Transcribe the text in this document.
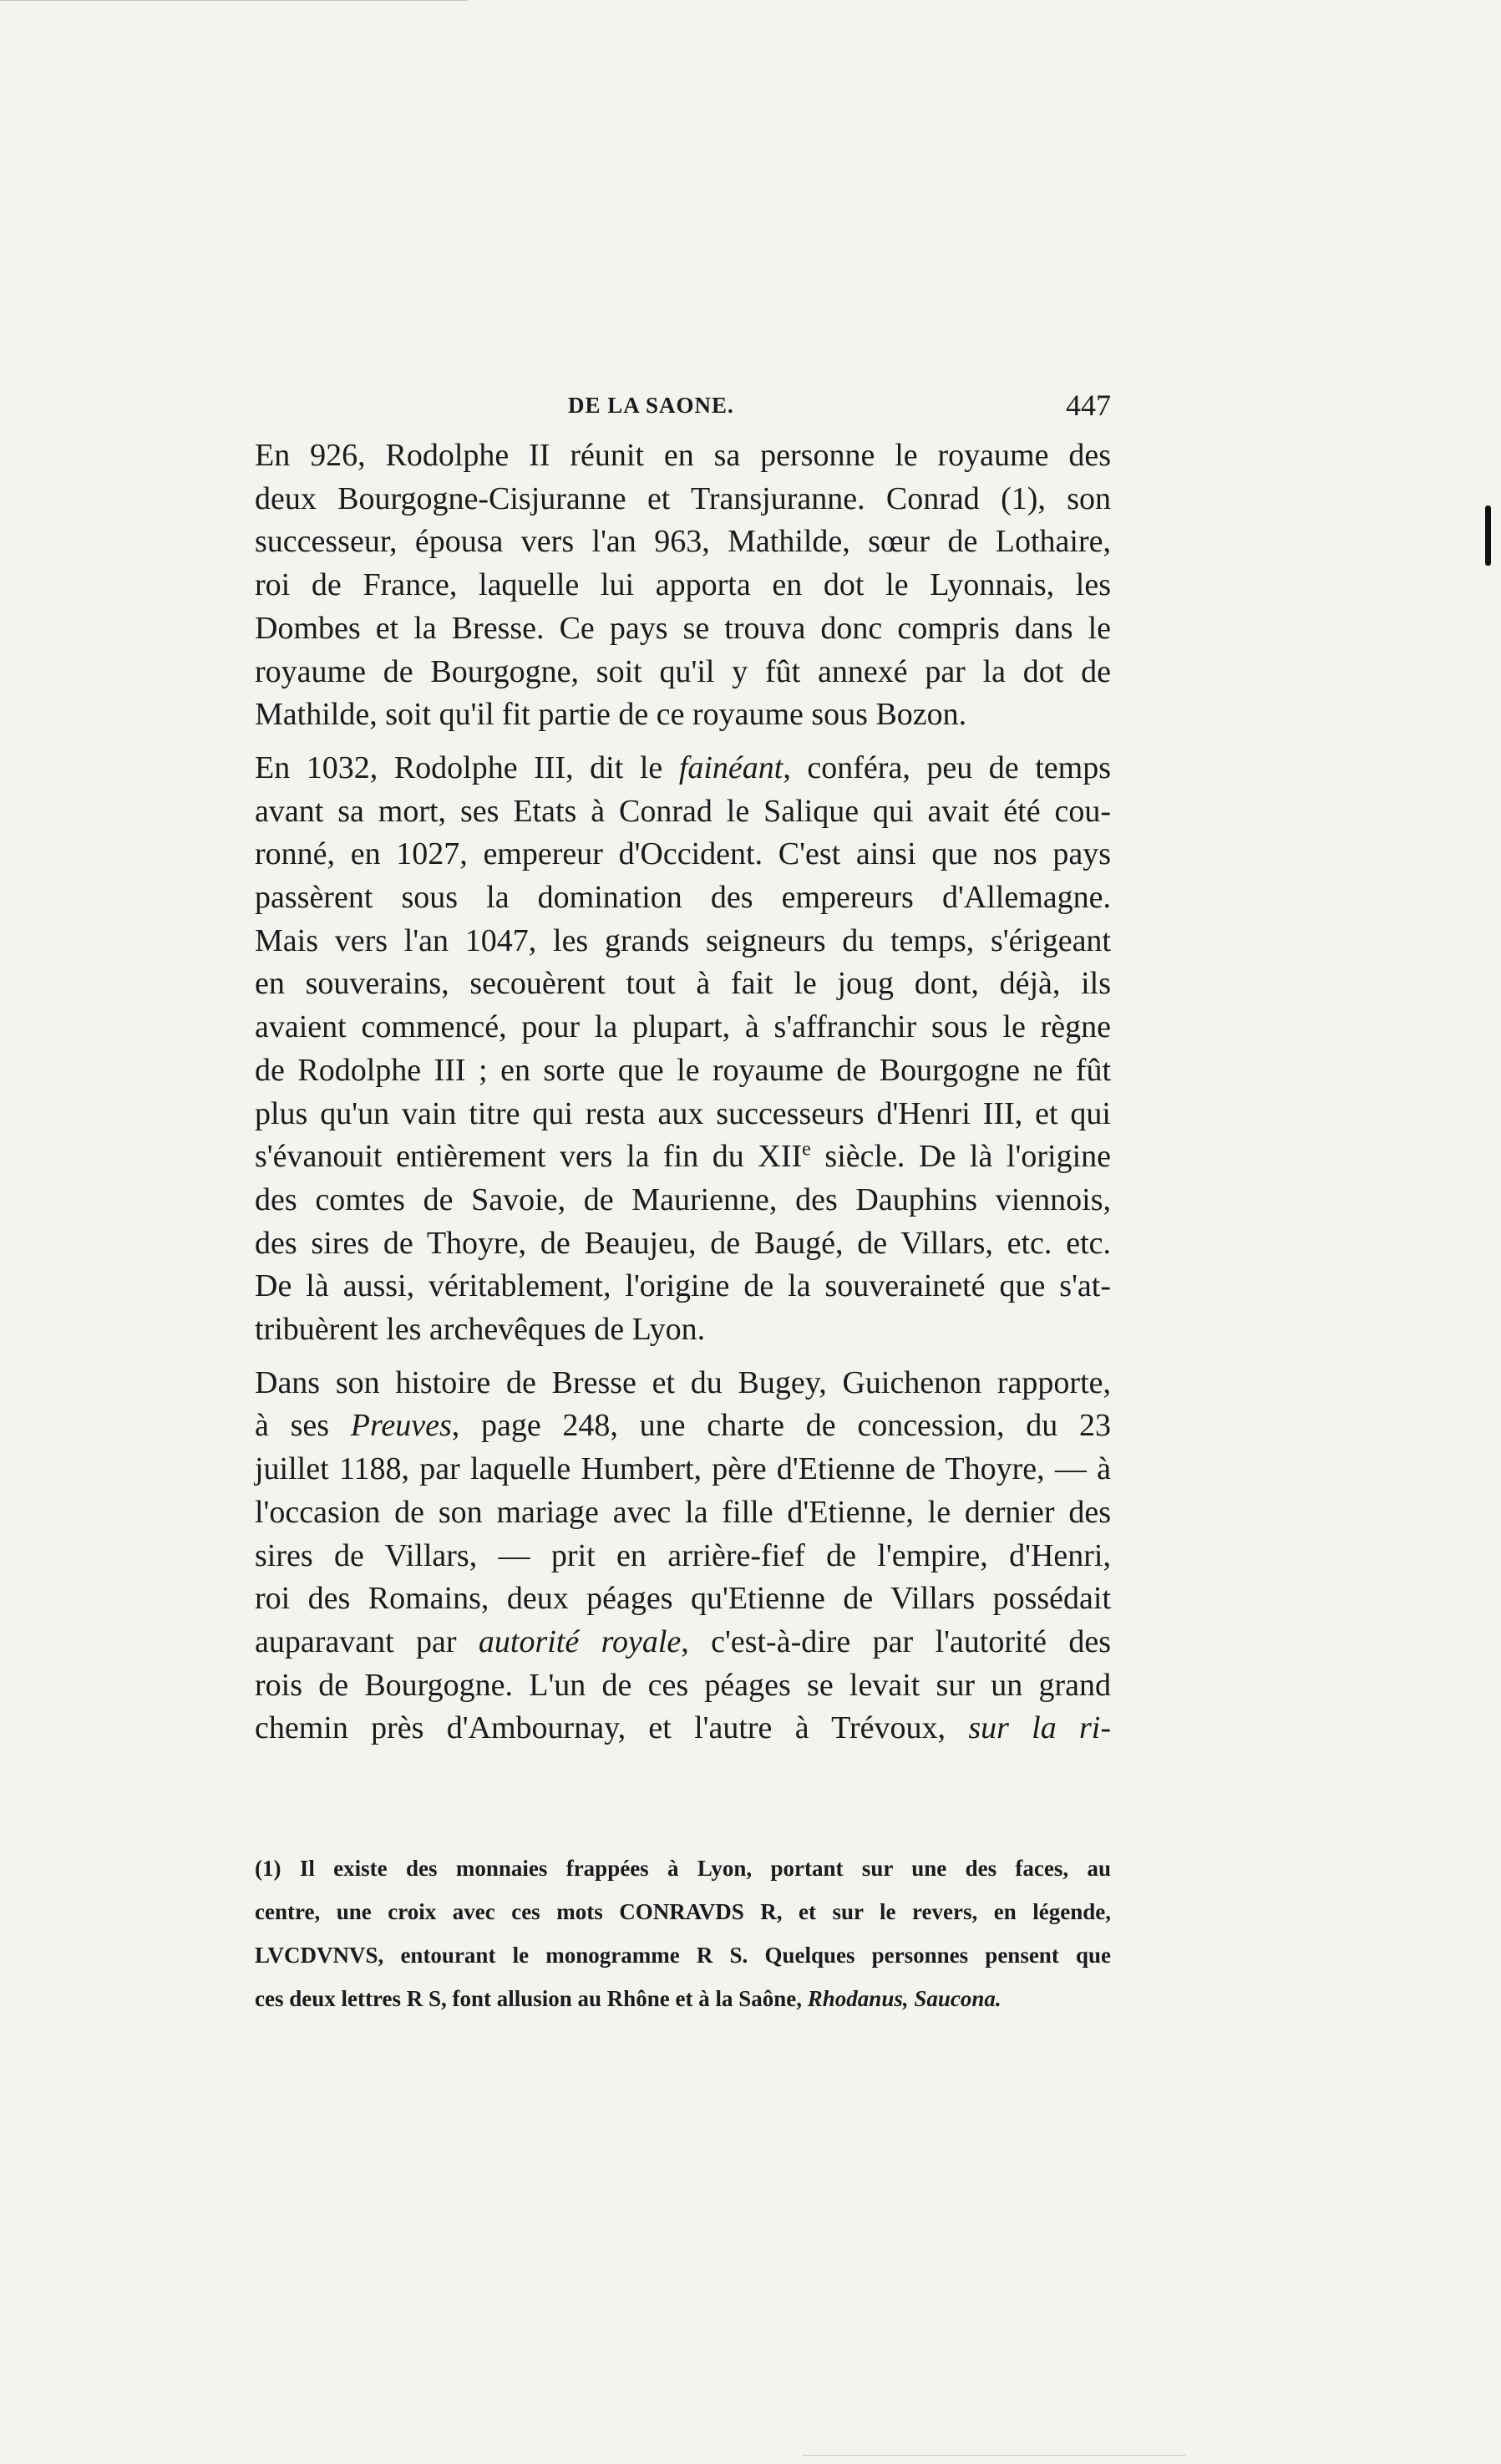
DE LA SAONE.	447
En 926, Rodolphe II réunit en sa personne le royaume des
deux Bourgogne-Cisjuranne et Transjuranne. Conrad (1), son
successeur, épousa vers l'an 963, Mathilde, sœur de Lothaire,
roi de France, laquelle lui apporta en dot le Lyonnais, les
Dombes et la Bresse. Ce pays se trouva donc compris dans le
royaume de Bourgogne, soit qu'il y fût annexé par la dot de
Mathilde, soit qu'il fit partie de ce royaume sous Bozon.
En 1032, Rodolphe III, dit le fainéant, conféra, peu de temps
avant sa mort, ses Etats à Conrad le Salique qui avait été cou-
ronné, en 1027, empereur d'Occident. C'est ainsi que nos pays
passèrent sous la domination des empereurs d'Allemagne.
Mais vers l'an 1047, les grands seigneurs du temps, s'érigeant
en souverains, secouèrent tout à fait le joug dont, déjà, ils
avaient commencé, pour la plupart, à s'affranchir sous le règne
de Rodolphe III ; en sorte que le royaume de Bourgogne ne fût
plus qu'un vain titre qui resta aux successeurs d'Henri III, et qui
s'évanouit entièrement vers la fin du XIIe siècle. De là l'origine
des comtes de Savoie, de Maurienne, des Dauphins viennois,
des sires de Thoyre, de Beaujeu, de Baugé, de Villars, etc. etc.
De là aussi, véritablement, l'origine de la souveraineté que s'at-
tribuèrent les archevêques de Lyon.
Dans son histoire de Bresse et du Bugey, Guichenon rapporte,
à ses Preuves, page 248, une charte de concession, du 23
juillet 1188, par laquelle Humbert, père d'Etienne de Thoyre, — à
l'occasion de son mariage avec la fille d'Etienne, le dernier des
sires de Villars, — prit en arrière-fief de l'empire, d'Henri,
roi des Romains, deux péages qu'Etienne de Villars possédait
auparavant par autorité royale, c'est-à-dire par l'autorité des
rois de Bourgogne. L'un de ces péages se levait sur un grand
chemin près d'Ambournay, et l'autre à Trévoux, sur la ri-
(1) Il existe des monnaies frappées à Lyon, portant sur une des faces, au
centre, une croix avec ces mots CONRAVDS R, et sur le revers, en légende,
LVCDVNVS, entourant le monogramme R S. Quelques personnes pensent que
ces deux lettres R S, font allusion au Rhône et à la Saône, Rhodanus, Saucona.
